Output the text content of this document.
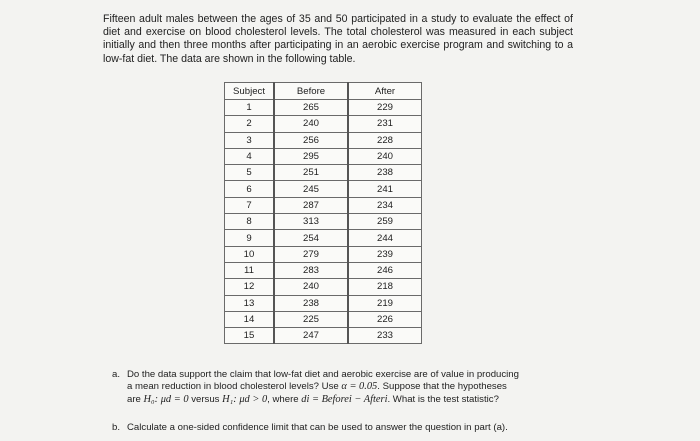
Fifteen adult males between the ages of 35 and 50 participated in a study to evaluate the effect of diet and exercise on blood cholesterol levels. The total cholesterol was measured in each subject initially and then three months after participating in an aerobic exercise program and switching to a low-fat diet. The data are shown in the following table.

Subject	Before	After
1	265	229
2	240	231
3	256	228
4	295	240
5	251	238
6	245	241
7	287	234
8	313	259
9	254	244
10	279	239
11	283	246
12	240	218
13	238	219
14	225	226
15	247	233
a. Do the data support the claim that low-fat diet and aerobic exercise are of value in producing
a mean reduction in blood cholesterol levels? Use α = 0.05. Suppose that the hypotheses
are H₀: μd = 0 versus H₁: μd > 0, where di = Beforei − Afteri. What is the test statistic?
b. Calculate a one-sided confidence limit that can be used to answer the question in part (a).
